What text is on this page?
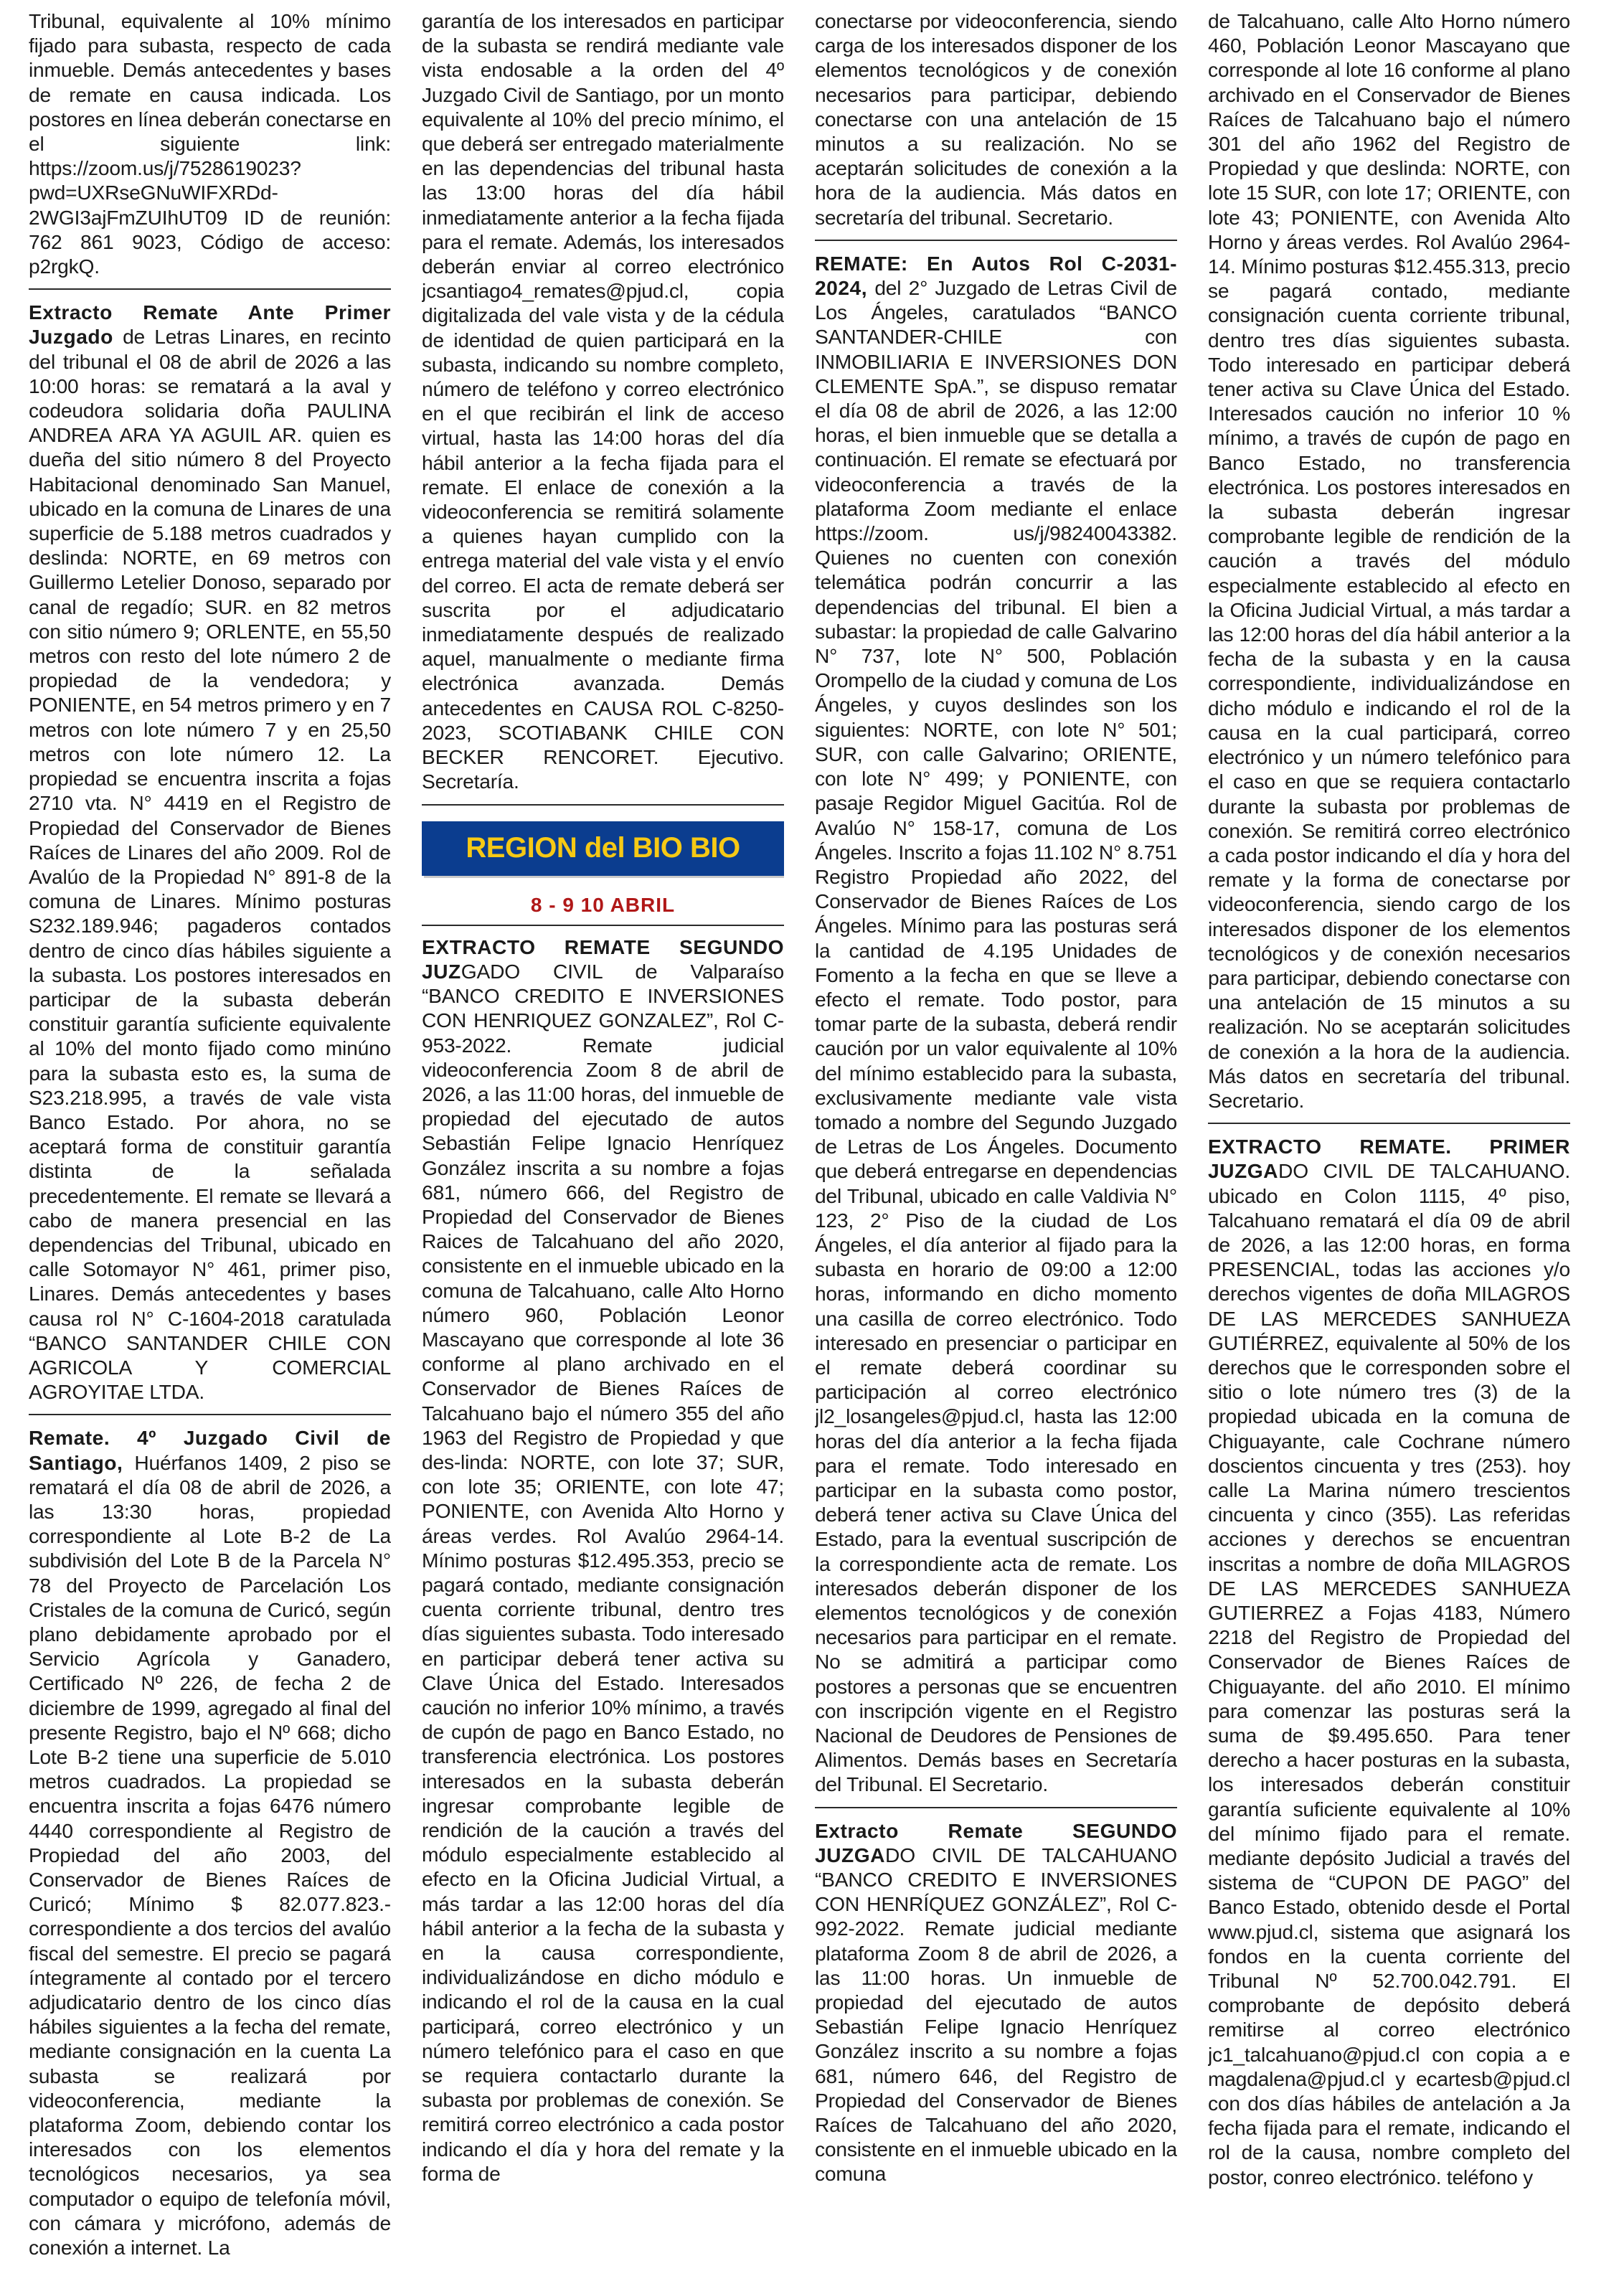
Tribunal, equivalente al 10% mínimo fijado para subasta, respecto de cada inmueble. Demás antecedentes y bases de remate en causa indicada. Los postores en línea deberán conectarse en el siguiente link: https://zoom.us/j/7528619023?pwd=UXRseGNuWIFXRDd-2WGI3ajFmZUIhUT09 ID de reunión: 762 861 9023, Código de acceso: p2rgkQ.

Extracto Remate Ante Primer Juzgado de Letras Linares, en recinto del tribunal el 08 de abril de 2026 a las 10:00 horas: se rematará a la aval y codeudora solidaria doña PAULINA ANDREA ARA YA AGUIL AR. quien es dueña del sitio número 8 del Proyecto Habitacional denominado San Manuel, ubicado en la comuna de Linares de una superficie de 5.188 metros cuadrados y deslinda: NORTE, en 69 metros con Guillermo Letelier Donoso, separado por canal de regadío; SUR. en 82 metros con sitio número 9; ORLENTE, en 55,50 metros con resto del lote número 2 de propiedad de la vendedora; y PONIENTE, en 54 metros primero y en 7 metros con lote número 7 y en 25,50 metros con lote número 12. La propiedad se encuentra inscrita a fojas 2710 vta. N° 4419 en el Registro de Propiedad del Conservador de Bienes Raíces de Linares del año 2009. Rol de Avalúo de la Propiedad N° 891-8 de la comuna de Linares. Mínimo posturas S232.189.946; pagaderos contados dentro de cinco días hábiles siguiente a la subasta. Los postores interesados en participar de la subasta deberán constituir garantía suficiente equivalente al 10% del monto fijado como minúno para la subasta esto es, la suma de S23.218.995, a través de vale vista Banco Estado. Por ahora, no se aceptará forma de constituir garantía distinta de la señalada precedentemente. El remate se llevará a cabo de manera presencial en las dependencias del Tribunal, ubicado en calle Sotomayor N° 461, primer piso, Linares. Demás antecedentes y bases causa rol N° C-1604-2018 caratulada “BANCO SANTANDER CHILE CON AGRICOLA Y COMERCIAL AGROYITAE LTDA.

Remate. 4º Juzgado Civil de Santiago, Huérfanos 1409, 2 piso se rematará el día 08 de abril de 2026, a las 13:30 horas, propiedad correspondiente al Lote B-2 de La subdivisión del Lote B de la Parcela N° 78 del Proyecto de Parcelación Los Cristales de la comuna de Curicó, según plano debidamente aprobado por el Servicio Agrícola y Ganadero, Certificado Nº 226, de fecha 2 de diciembre de 1999, agregado al final del presente Registro, bajo el Nº 668; dicho Lote B-2 tiene una superficie de 5.010 metros cuadrados. La propiedad se encuentra inscrita a fojas 6476 número 4440 correspondiente al Registro de Propiedad del año 2003, del Conservador de Bienes Raíces de Curicó; Mínimo $ 82.077.823.- correspondiente a dos tercios del avalúo fiscal del semestre. El precio se pagará íntegramente al contado por el tercero adjudicatario dentro de los cinco días hábiles siguientes a la fecha del remate, mediante consignación en la cuenta La subasta se realizará por videoconferencia, mediante la plataforma Zoom, debiendo contar los interesados con los elementos tecnológicos necesarios, ya sea computador o equipo de telefonía móvil, con cámara y micrófono, además de conexión a internet. La

garantía de los interesados en participar de la subasta se rendirá mediante vale vista endosable a la orden del 4º Juzgado Civil de Santiago, por un monto equivalente al 10% del precio mínimo, el que deberá ser entregado materialmente en las dependencias del tribunal hasta las 13:00 horas del día hábil inmediatamente anterior a la fecha fijada para el remate. Además, los interesados deberán enviar al correo electrónico jcsantiago4_remates@pjud.cl, copia digitalizada del vale vista y de la cédula de identidad de quien participará en la subasta, indicando su nombre completo, número de teléfono y correo electrónico en el que recibirán el link de acceso virtual, hasta las 14:00 horas del día hábil anterior a la fecha fijada para el remate. El enlace de conexión a la videoconferencia se remitirá solamente a quienes hayan cumplido con la entrega material del vale vista y el envío del correo. El acta de remate deberá ser suscrita por el adjudicatario inmediatamente después de realizado aquel, manualmente o mediante firma electrónica avanzada. Demás antecedentes en CAUSA ROL C-8250-2023, SCOTIABANK CHILE CON BECKER RENCORET. Ejecutivo. Secretaría.

REGION del BIO BIO
8 - 9 10 ABRIL

EXTRACTO REMATE SEGUNDO JUZGADO CIVIL de Valparaíso “BANCO CREDITO E INVERSIONES CON HENRIQUEZ GONZALEZ”, Rol C-953-2022. Remate judicial videoconferencia Zoom 8 de abril de 2026, a las 11:00 horas, del inmueble de propiedad del ejecutado de autos Sebastián Felipe Ignacio Henríquez González inscrita a su nombre a fojas 681, número 666, del Registro de Propiedad del Conservador de Bienes Raices de Talcahuano del año 2020, consistente en el inmueble ubicado en la comuna de Talcahuano, calle Alto Horno número 960, Población Leonor Mascayano que corresponde al lote 36 conforme al plano archivado en el Conservador de Bienes Raíces de Talcahuano bajo el número 355 del año 1963 del Registro de Propiedad y que des-linda: NORTE, con lote 37; SUR, con lote 35; ORIENTE, con lote 47; PONIENTE, con Avenida Alto Horno y áreas verdes. Rol Avalúo 2964-14. Mínimo posturas $12.495.353, precio se pagará contado, mediante consignación cuenta corriente tribunal, dentro tres días siguientes subasta. Todo interesado en participar deberá tener activa su Clave Única del Estado. Interesados caución no inferior 10% mínimo, a través de cupón de pago en Banco Estado, no transferencia electrónica. Los postores interesados en la subasta deberán ingresar comprobante legible de rendición de la caución a través del módulo especialmente establecido al efecto en la Oficina Judicial Virtual, a más tardar a las 12:00 horas del día hábil anterior a la fecha de la subasta y en la causa correspondiente, individualizándose en dicho módulo e indicando el rol de la causa en la cual participará, correo electrónico y un número telefónico para el caso en que se requiera contactarlo durante la subasta por problemas de conexión. Se remitirá correo electrónico a cada postor indicando el día y hora del remate y la forma de

conectarse por videoconferencia, siendo carga de los interesados disponer de los elementos tecnológicos y de conexión necesarios para participar, debiendo conectarse con una antelación de 15 minutos a su realización. No se aceptarán solicitudes de conexión a la hora de la audiencia. Más datos en secretaría del tribunal. Secretario.

REMATE: En Autos Rol C-2031-2024, del 2° Juzgado de Letras Civil de Los Ángeles, caratulados “BANCO SANTANDER-CHILE con INMOBILIARIA E INVERSIONES DON CLEMENTE SpA.”, se dispuso rematar el día 08 de abril de 2026, a las 12:00 horas, el bien inmueble que se detalla a continuación. El remate se efectuará por videoconferencia a través de la plataforma Zoom mediante el enlace https://zoom. us/j/98240043382. Quienes no cuenten con conexión telemática podrán concurrir a las dependencias del tribunal. El bien a subastar: la propiedad de calle Galvarino N° 737, lote N° 500, Población Orompello de la ciudad y comuna de Los Ángeles, y cuyos deslindes son los siguientes: NORTE, con lote N° 501; SUR, con calle Galvarino; ORIENTE, con lote N° 499; y PONIENTE, con pasaje Regidor Miguel Gacitúa. Rol de Avalúo N° 158-17, comuna de Los Ángeles. Inscrito a fojas 11.102 N° 8.751 Registro Propiedad año 2022, del Conservador de Bienes Raíces de Los Ángeles. Mínimo para las posturas será la cantidad de 4.195 Unidades de Fomento a la fecha en que se lleve a efecto el remate. Todo postor, para tomar parte de la subasta, deberá rendir caución por un valor equivalente al 10% del mínimo establecido para la subasta, exclusivamente mediante vale vista tomado a nombre del Segundo Juzgado de Letras de Los Ángeles. Documento que deberá entregarse en dependencias del Tribunal, ubicado en calle Valdivia N° 123, 2° Piso de la ciudad de Los Ángeles, el día anterior al fijado para la subasta en horario de 09:00 a 12:00 horas, informando en dicho momento una casilla de correo electrónico. Todo interesado en presenciar o participar en el remate deberá coordinar su participación al correo electrónico jl2_losangeles@pjud.cl, hasta las 12:00 horas del día anterior a la fecha fijada para el remate. Todo interesado en participar en la subasta como postor, deberá tener activa su Clave Única del Estado, para la eventual suscripción de la correspondiente acta de remate. Los interesados deberán disponer de los elementos tecnológicos y de conexión necesarios para participar en el remate. No se admitirá a participar como postores a personas que se encuentren con inscripción vigente en el Registro Nacional de Deudores de Pensiones de Alimentos. Demás bases en Secretaría del Tribunal. El Secretario.

Extracto Remate SEGUNDO JUZGADO CIVIL DE TALCAHUANO “BANCO CREDITO E INVERSIONES CON HENRÍQUEZ GONZÁLEZ”, Rol C-992-2022. Remate judicial mediante plataforma Zoom 8 de abril de 2026, a las 11:00 horas. Un inmueble de propiedad del ejecutado de autos Sebastián Felipe Ignacio Henríquez González inscrito a su nombre a fojas 681, número 646, del Registro de Propiedad del Conservador de Bienes Raíces de Talcahuano del año 2020, consistente en el inmueble ubicado en la comuna

de Talcahuano, calle Alto Horno número 460, Población Leonor Mascayano que corresponde al lote 16 conforme al plano archivado en el Conservador de Bienes Raíces de Talcahuano bajo el número 301 del año 1962 del Registro de Propiedad y que deslinda: NORTE, con lote 15 SUR, con lote 17; ORIENTE, con lote 43; PONIENTE, con Avenida Alto Horno y áreas verdes. Rol Avalúo 2964-14. Mínimo posturas $12.455.313, precio se pagará contado, mediante consignación cuenta corriente tribunal, dentro tres días siguientes subasta. Todo interesado en participar deberá tener activa su Clave Única del Estado. Interesados caución no inferior 10 % mínimo, a través de cupón de pago en Banco Estado, no transferencia electrónica. Los postores interesados en la subasta deberán ingresar comprobante legible de rendición de la caución a través del módulo especialmente establecido al efecto en la Oficina Judicial Virtual, a más tardar a las 12:00 horas del día hábil anterior a la fecha de la subasta y en la causa correspondiente, individualizándose en dicho módulo e indicando el rol de la causa en la cual participará, correo electrónico y un número telefónico para el caso en que se requiera contactarlo durante la subasta por problemas de conexión. Se remitirá correo electrónico a cada postor indicando el día y hora del remate y la forma de conectarse por videoconferencia, siendo cargo de los interesados disponer de los elementos tecnológicos y de conexión necesarios para participar, debiendo conectarse con una antelación de 15 minutos a su realización. No se aceptarán solicitudes de conexión a la hora de la audiencia. Más datos en secretaría del tribunal. Secretario.

EXTRACTO REMATE. PRIMER JUZGADO CIVIL DE TALCAHUANO. ubicado en Colon 1115, 4º piso, Talcahuano rematará el día 09 de abril de 2026, a las 12:00 horas, en forma PRESENCIAL, todas las acciones y/o derechos vigentes de doña MILAGROS DE LAS MERCEDES SANHUEZA GUTIÉRREZ, equivalente al 50% de los derechos que le corresponden sobre el sitio o lote número tres (3) de la propiedad ubicada en la comuna de Chiguayante, cale Cochrane número doscientos cincuenta y tres (253). hoy calle La Marina número trescientos cincuenta y cinco (355). Las referidas acciones y derechos se encuentran inscritas a nombre de doña MILAGROS DE LAS MERCEDES SANHUEZA GUTIERREZ a Fojas 4183, Número 2218 del Registro de Propiedad del Conservador de Bienes Raíces de Chiguayante. del año 2010. El mínimo para comenzar las posturas será la suma de $9.495.650. Para tener derecho a hacer posturas en la subasta, los interesados deberán constituir garantía suficiente equivalente al 10% del mínimo fijado para el remate. mediante depósito Judicial a través del sistema de “CUPON DE PAGO” del Banco Estado, obtenido desde el Portal www.pjud.cl, sistema que asignará los fondos en la cuenta corriente del Tribunal Nº 52.700.042.791. El comprobante de depósito deberá remitirse al correo electrónico jc1_talcahuano@pjud.cl con copia a e magdalena@pjud.cl y ecartesb@pjud.cl con dos días hábiles de antelación a Ja fecha fijada para el remate, indicando el rol de la causa, nombre completo del postor, conreo electrónico. teléfono y
